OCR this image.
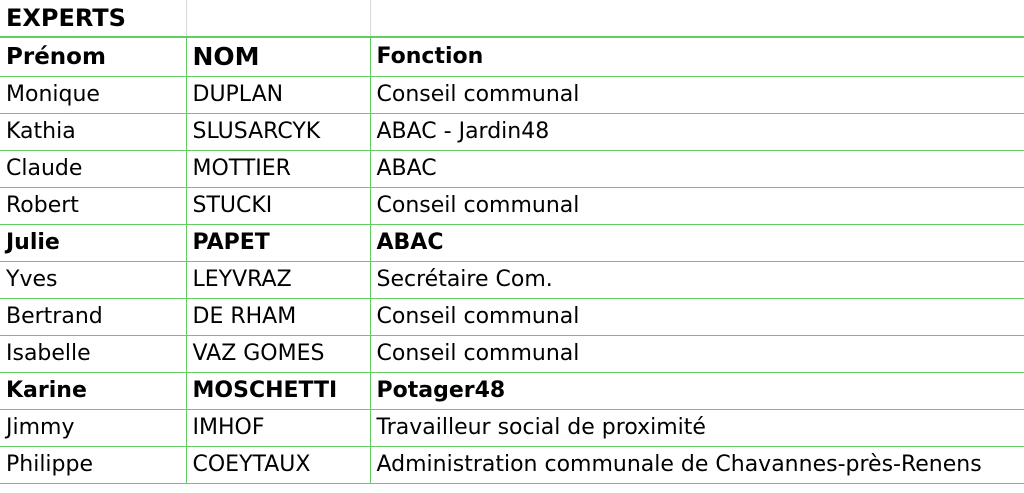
EXPERTS		
Prénom	NOM	Fonction
Monique	DUPLAN	Conseil communal
Kathia	SLUSARCYK	ABAC - Jardin48
Claude	MOTTIER	ABAC
Robert	STUCKI	Conseil communal
Julie	PAPET	ABAC
Yves	LEYVRAZ	Secrétaire Com.
Bertrand	DE RHAM	Conseil communal
Isabelle	VAZ GOMES	Conseil communal
Karine	MOSCHETTI	Potager48
Jimmy	IMHOF	Travailleur social de proximité
Philippe	COEYTAUX	Administration communale de Chavannes-près-Renens
